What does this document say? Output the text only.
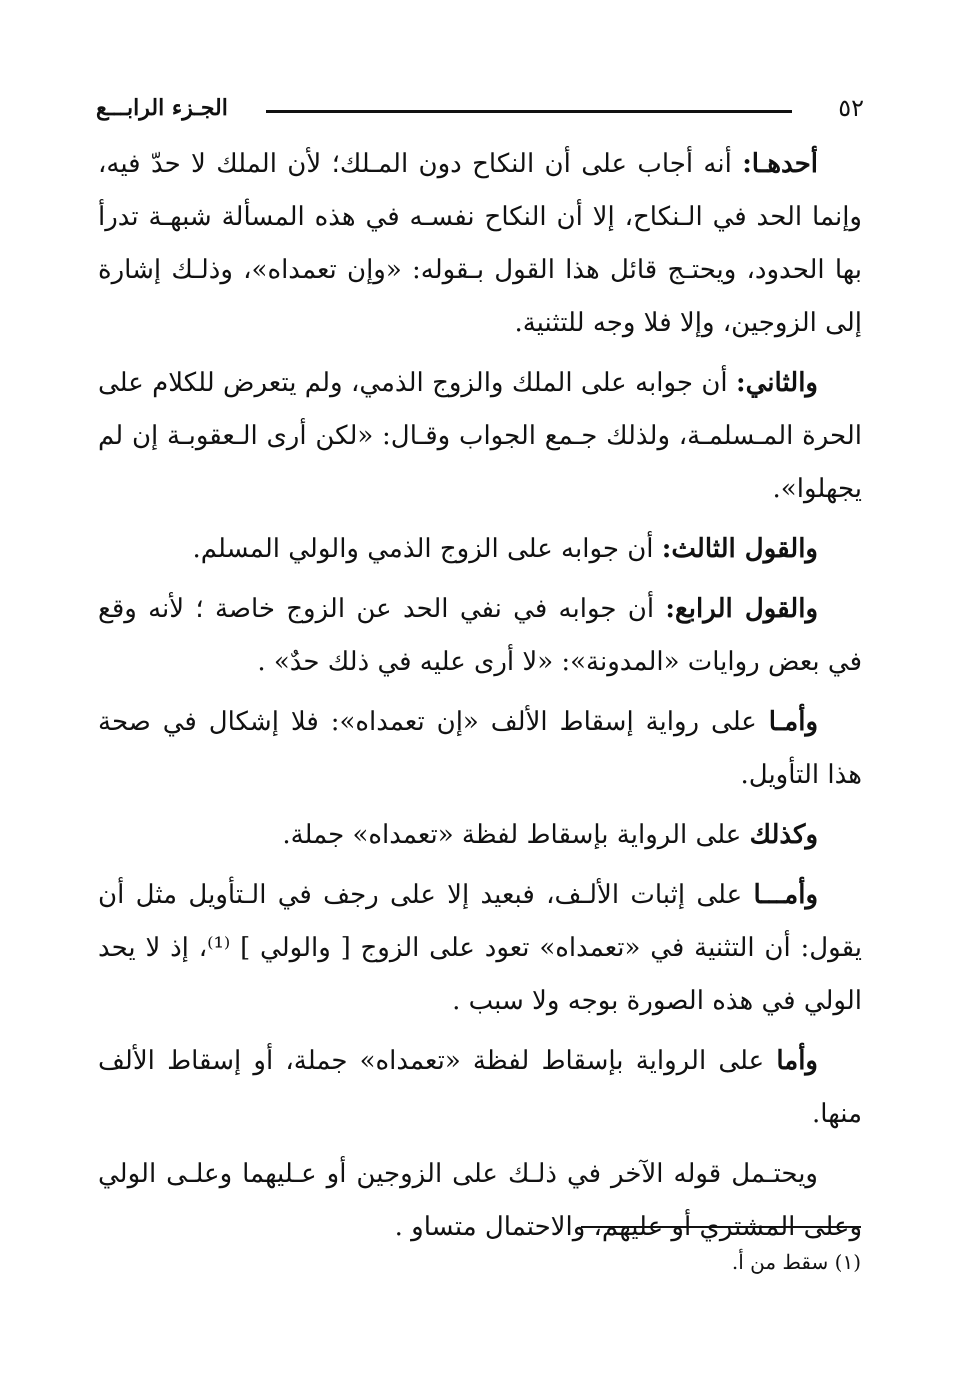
٥٢
الجـزء الرابـــع

أحدهـا: أنه أجاب على أن النكاح دون المـلك؛ لأن الملك لا حدّ فيه، وإنما الحد في الـنكاح، إلا أن النكاح نفسـه في هذه المسألة شبهـة تدرأ بها الحدود، ويحتـج قائل هذا القول بـقوله: «وإن تعمداه»، وذلـك إشارة إلى الزوجين، وإلا فلا وجه للتثنية.

والثاني: أن جوابه على الملك والزوج الذمي، ولم يتعرض للكلام على الحرة المـسلمـة، ولذلك جـمع الجواب وقـال: «لكن أرى الـعقوبـة إن لم يجهلوا».

والقول الثالث: أن جوابه على الزوج الذمي والولي المسلم.

والقول الرابع: أن جوابه في نفي الحد عن الزوج خاصة ؛ لأنه وقع في بعض روايات «المدونة»: «لا أرى عليه في ذلك حدٌ» .

وأمـا على رواية إسقاط الألف «إن تعمداه»: فلا إشكال في صحة هذا التأويل.

وكذلك على الرواية بإسقاط لفظة «تعمداه» جملة.

وأمـــا على إثبات الألـف، فبعيد إلا على رجف في الـتأويل مثل أن يقول: أن التثنية في «تعمداه» تعود على الزوج [ والولي ] ⁽¹⁾، إذ لا يحد الولي في هذه الصورة بوجه ولا سبب .

وأما على الرواية بإسقاط لفظة «تعمداه» جملة، أو إسقاط الألف منها.

ويحتـمل قوله الآخر في ذلـك على الزوجين أو عـليهما وعلـى الولي وعلى المشتري أو عليهم، والاحتمال متساو .

(١) سقط من أ.
